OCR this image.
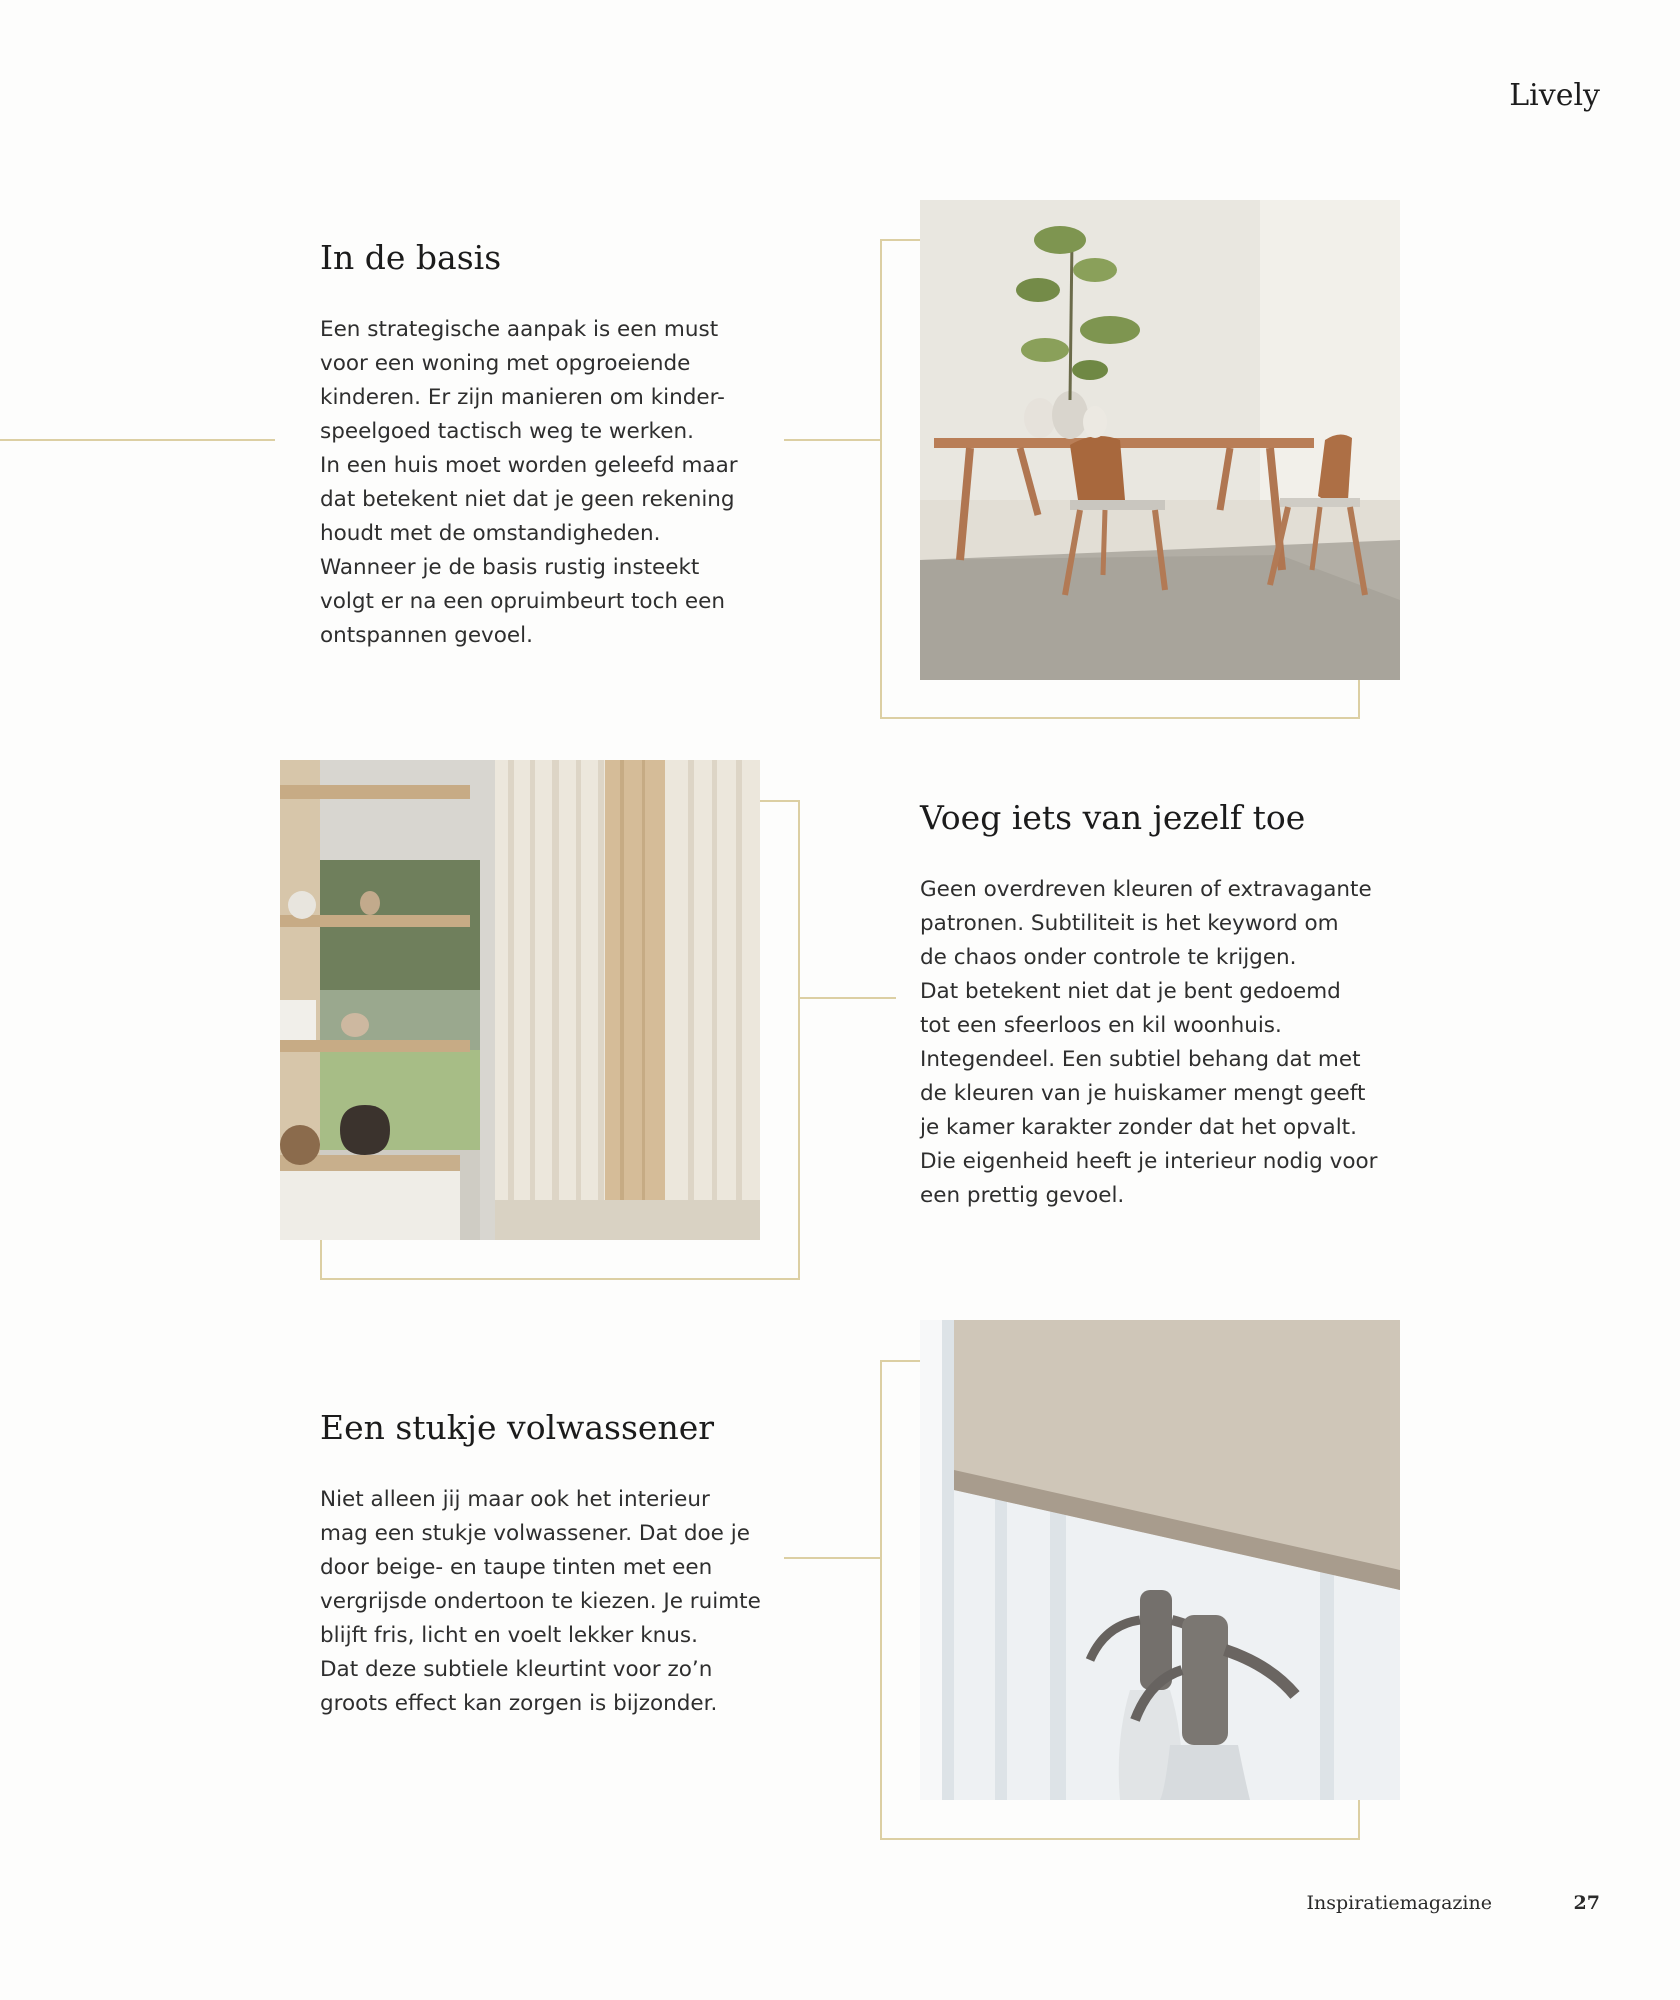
Lively
In de basis
Een strategische aanpak is een must
voor een woning met opgroeiende
kinderen. Er zijn manieren om kinder-
speelgoed tactisch weg te werken.
In een huis moet worden geleefd maar
dat betekent niet dat je geen rekening
houdt met de omstandigheden.
Wanneer je de basis rustig insteekt
volgt er na een opruimbeurt toch een
ontspannen gevoel.
Voeg iets van jezelf toe
Geen overdreven kleuren of extravagante
patronen. Subtiliteit is het keyword om
de chaos onder controle te krijgen.
Dat betekent niet dat je bent gedoemd
tot een sfeerloos en kil woonhuis.
Integendeel. Een subtiel behang dat met
de kleuren van je huiskamer mengt geeft
je kamer karakter zonder dat het opvalt.
Die eigenheid heeft je interieur nodig voor
een prettig gevoel.
Een stukje volwassener
Niet alleen jij maar ook het interieur
mag een stukje volwassener. Dat doe je
door beige- en taupe tinten met een
vergrijsde ondertoon te kiezen. Je ruimte
blijft fris, licht en voelt lekker knus.
Dat deze subtiele kleurtint voor zo’n
groots effect kan zorgen is bijzonder.
Inspiratiemagazine	27
